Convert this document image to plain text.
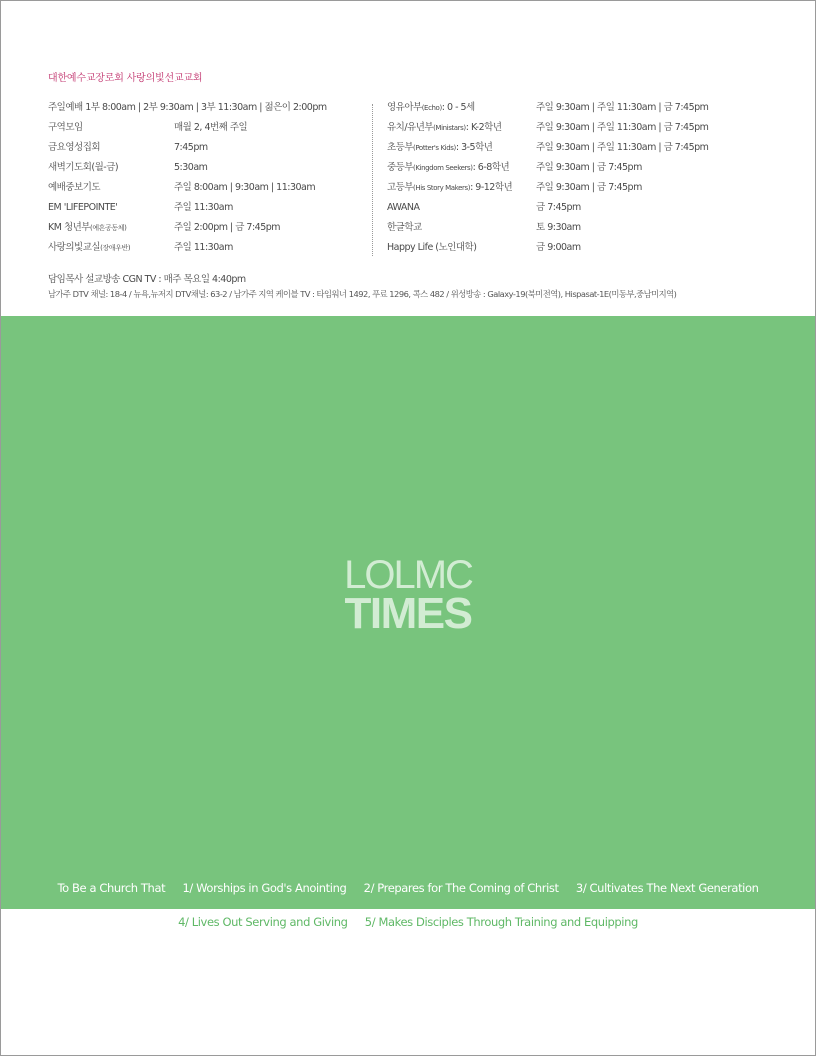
대한예수교장로회 사랑의빛선교교회
주일예배 1부 8:00am | 2부 9:30am | 3부 11:30am | 젊은이 2:00pm
구역모임	매월 2, 4번째 주일
금요영성집회	7:45pm
새벽기도회(월-금)	5:30am
예배중보기도	주일 8:00am | 9:30am | 11:30am
EM 'LIFEPOINTE'	주일 11:30am
KM 청년부(예흔공동체)	주일 2:00pm | 금 7:45pm
사랑의빛교실(장애우반)	주일 11:30am
영유아부(Echo): 0 - 5세	주일 9:30am | 주일 11:30am | 금 7:45pm
유치/유년부(Ministars): K-2학년	주일 9:30am | 주일 11:30am | 금 7:45pm
초등부(Potter's Kids): 3-5학년	주일 9:30am | 주일 11:30am | 금 7:45pm
중등부(Kingdom Seekers): 6-8학년	주일 9:30am | 금 7:45pm
고등부(His Story Makers): 9-12학년	주일 9:30am | 금 7:45pm
AWANA	금 7:45pm
한글학교	토 9:30am
Happy Life (노인대학)	금 9:00am
담임목사 설교방송 CGN TV : 매주 목요일 4:40pm
남가주 DTV 채널: 18-4 / 뉴욕,뉴저지 DTV채널: 63-2 / 남가주 지역 케이블 TV : 타임워너 1492, 푸료 1296, 콕스 482 / 위성방송 : Galaxy-19(북미전역), Hispasat-1E(미동부,중남미지역)
LOLMC
TIMES
To Be a Church That 1/ Worships in God's Anointing 2/ Prepares for The Coming of Christ 3/ Cultivates The Next Generation
4/ Lives Out Serving and Giving 5/ Makes Disciples Through Training and Equipping
